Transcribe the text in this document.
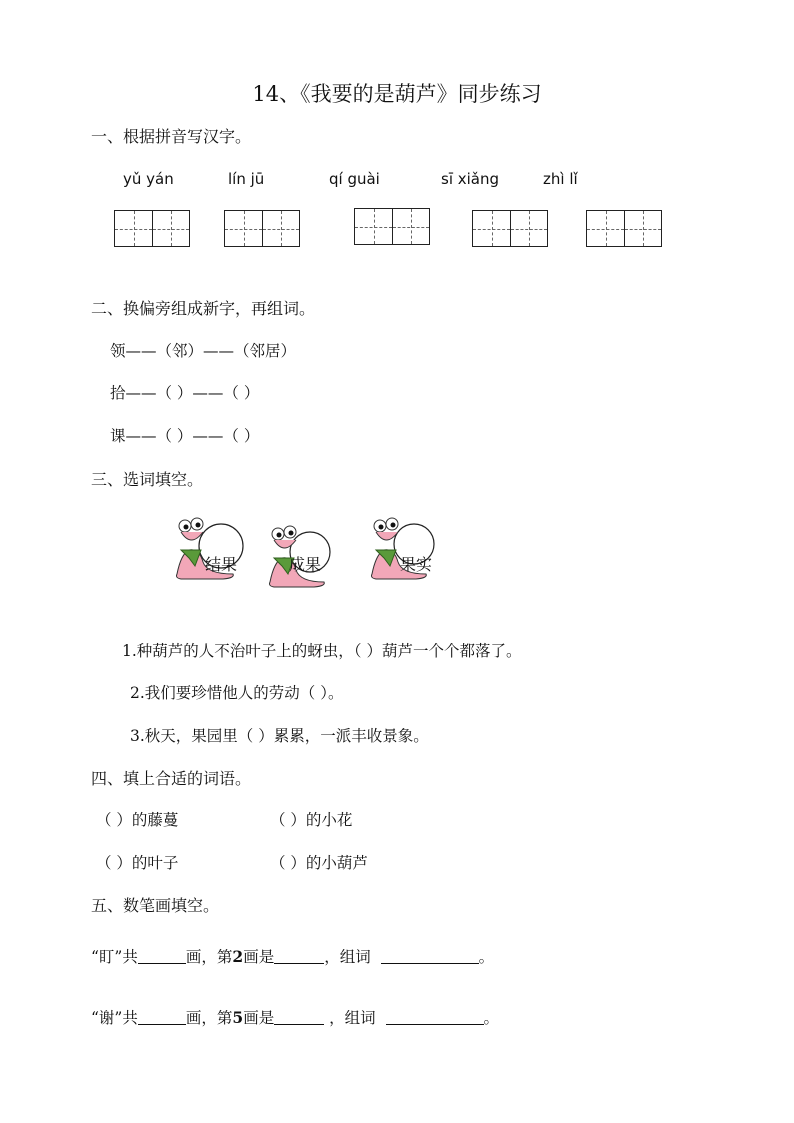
14、《我要的是葫芦》同步练习
一、根据拼音写汉字。
yǔ yán	lín jū	qí guài	sī xiǎng	zhì lǐ
二、换偏旁组成新字，再组词。
领——（邻）——（邻居）
拾——（ ）——（ ）
课——（ ）——（ ）
三、选词填空。
结果	成果	果实
1.种葫芦的人不治叶子上的蚜虫，（ ）葫芦一个个都落了。
2.我们要珍惜他人的劳动（ ）。
3.秋天，果园里（ ）累累，一派丰收景象。
四、填上合适的词语。
（ ）的藤蔓	（ ）的小花
（ ）的叶子	（ ）的小葫芦
五、数笔画填空。
“盯”共	画，第2画是	，组词	。
“谢”共	画，第5画是	，组词	。
